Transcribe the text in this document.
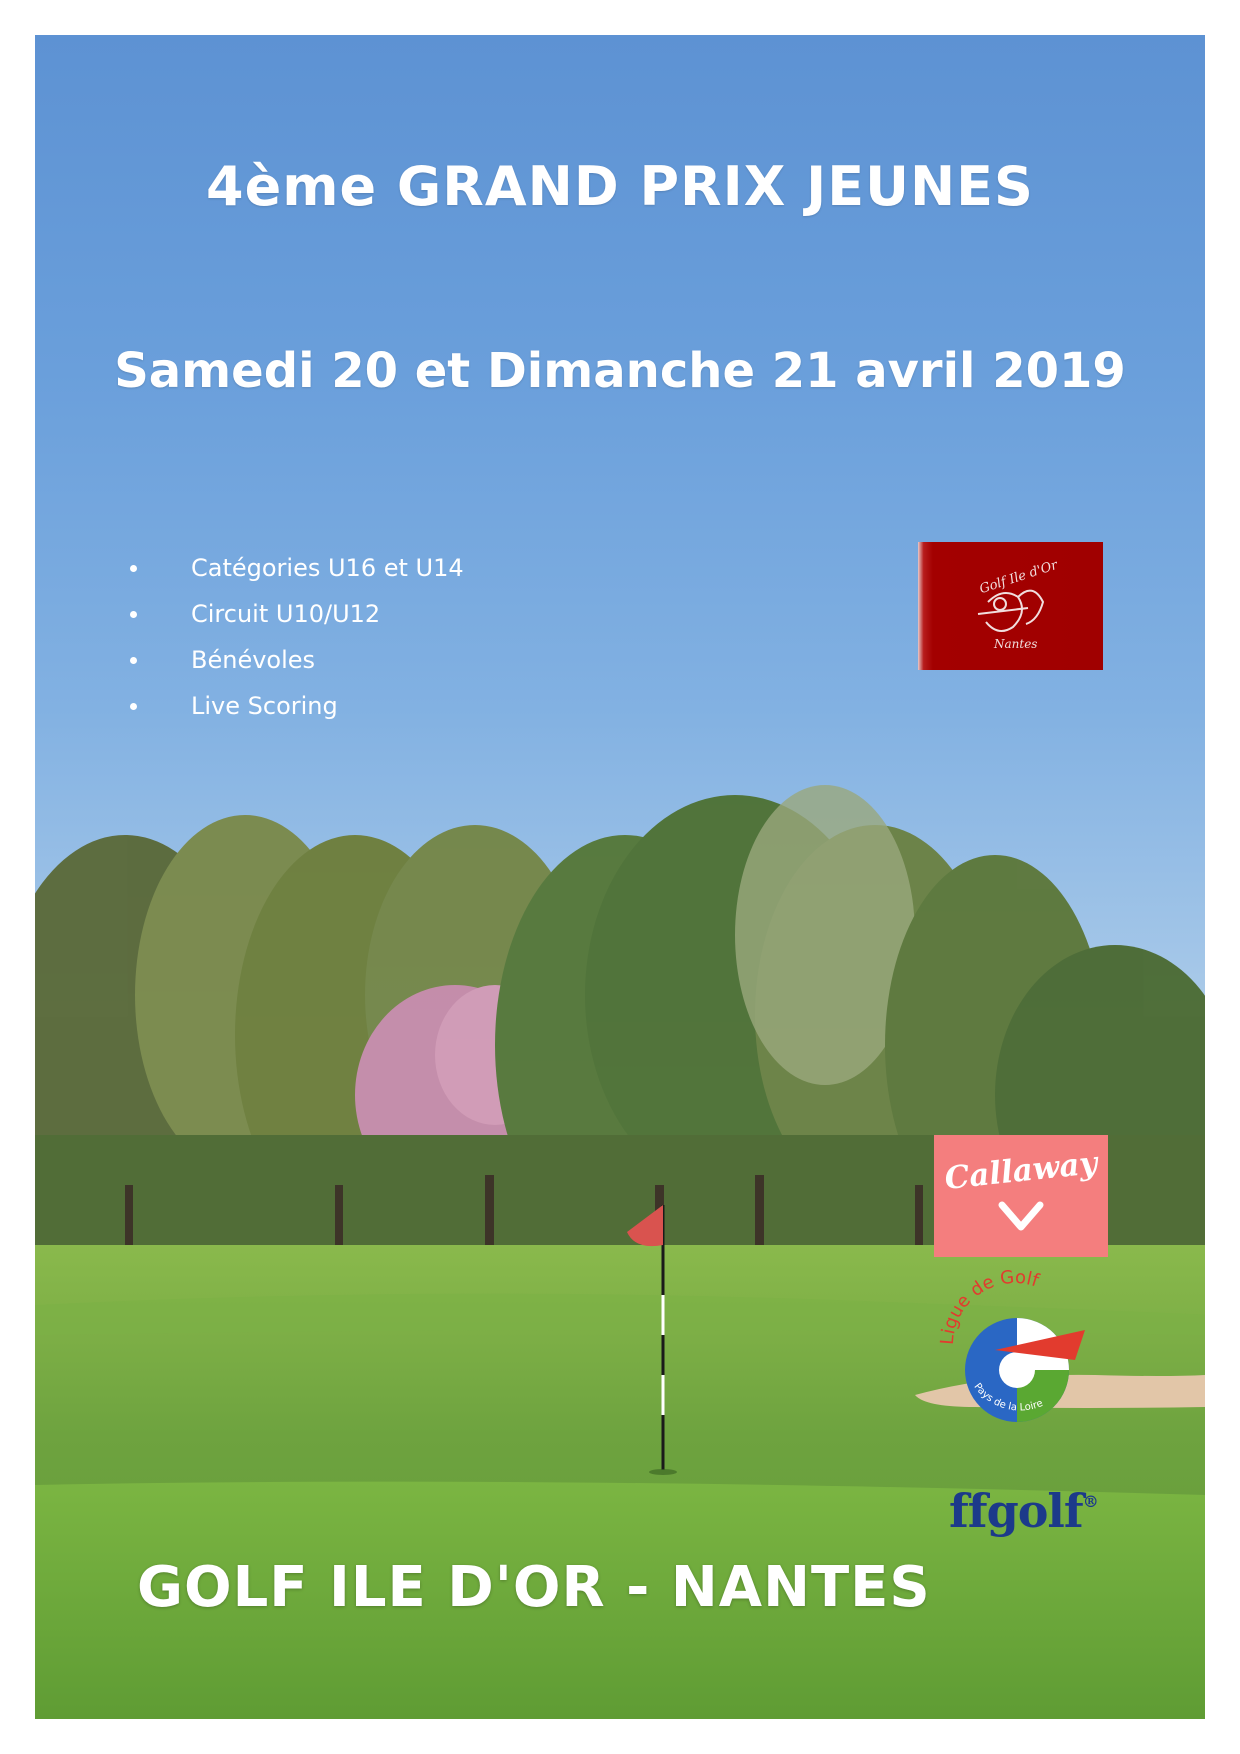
4ème GRAND PRIX JEUNES
Samedi 20 et Dimanche 21 avril 2019
Catégories U16 et U14
Circuit U10/U12
Bénévoles
Live Scoring
Golf Ile d'Or
Nantes
Callaway
Ligue de Golf
Pays de la Loire
ffgolf®
GOLF ILE D'OR - NANTES
